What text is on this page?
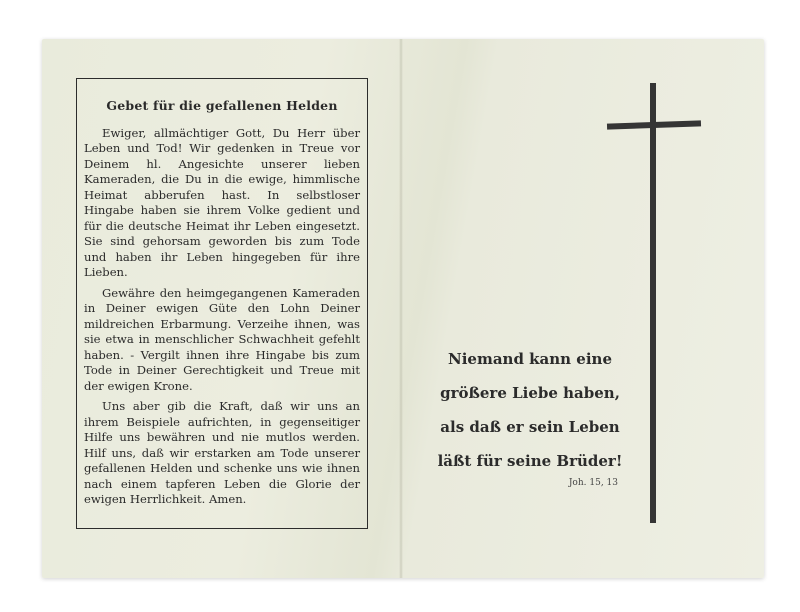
Gebet für die gefallenen Helden

Ewiger, allmächtiger Gott, Du Herr über Leben und Tod! Wir gedenken in Treue vor Deinem hl. Angesichte unserer lieben Kameraden, die Du in die ewige, himmlische Heimat abberufen hast. In selbstloser Hingabe haben sie ihrem Volke gedient und für die deutsche Heimat ihr Leben eingesetzt. Sie sind gehorsam geworden bis zum Tode und haben ihr Leben hingegeben für ihre Lieben.

Gewähre den heimgegangenen Kameraden in Deiner ewigen Güte den Lohn Deiner mildreichen Erbarmung. Verzeihe ihnen, was sie etwa in menschlicher Schwachheit gefehlt haben. - Vergilt ihnen ihre Hingabe bis zum Tode in Deiner Gerechtigkeit und Treue mit der ewigen Krone.

Uns aber gib die Kraft, daß wir uns an ihrem Beispiele aufrichten, in gegenseitiger Hilfe uns bewähren und nie mutlos werden. Hilf uns, daß wir erstarken am Tode unserer gefallenen Helden und schenke uns wie ihnen nach einem tapferen Leben die Glorie der ewigen Herrlichkeit. Amen.

Niemand kann eine
größere Liebe haben,
als daß er sein Leben
läßt für seine Brüder!
Joh. 15, 13
